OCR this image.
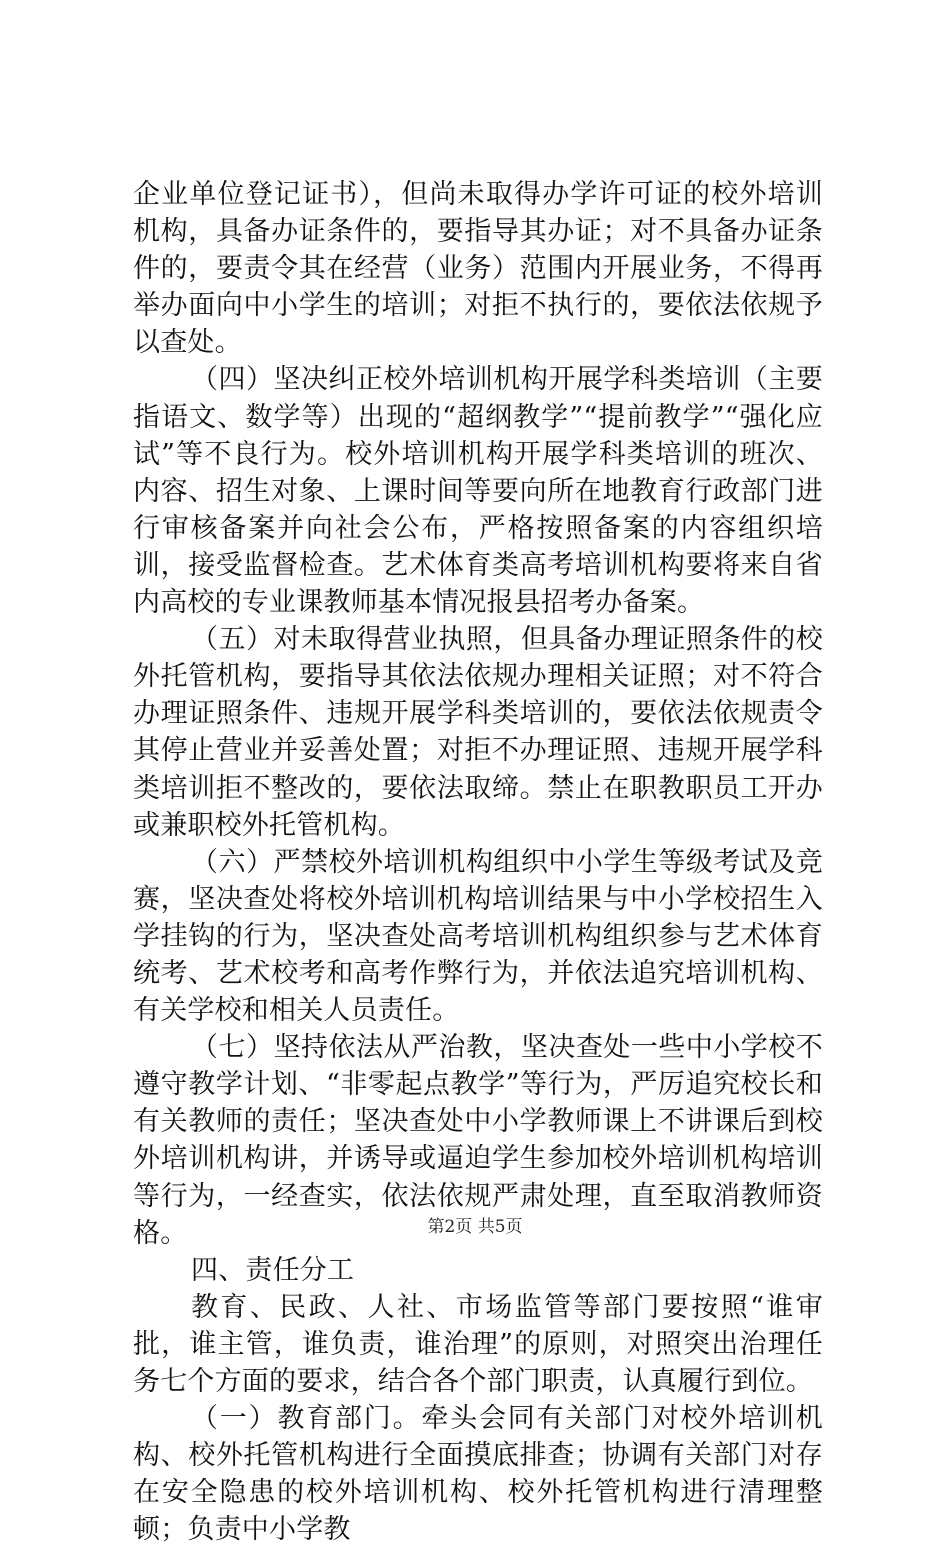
企业单位登记证书），但尚未取得办学许可证的校外培训机构，具备办证条件的，要指导其办证；对不具备办证条件的，要责令其在经营（业务）范围内开展业务，不得再举办面向中小学生的培训；对拒不执行的，要依法依规予以查处。

（四）坚决纠正校外培训机构开展学科类培训（主要指语文、数学等）出现的“超纲教学”“提前教学”“强化应试”等不良行为。校外培训机构开展学科类培训的班次、内容、招生对象、上课时间等要向所在地教育行政部门进行审核备案并向社会公布，严格按照备案的内容组织培训，接受监督检查。艺术体育类高考培训机构要将来自省内高校的专业课教师基本情况报县招考办备案。

（五）对未取得营业执照，但具备办理证照条件的校外托管机构，要指导其依法依规办理相关证照；对不符合办理证照条件、违规开展学科类培训的，要依法依规责令其停止营业并妥善处置；对拒不办理证照、违规开展学科类培训拒不整改的，要依法取缔。禁止在职教职员工开办或兼职校外托管机构。

（六）严禁校外培训机构组织中小学生等级考试及竞赛，坚决查处将校外培训机构培训结果与中小学校招生入学挂钩的行为，坚决查处高考培训机构组织参与艺术体育统考、艺术校考和高考作弊行为，并依法追究培训机构、有关学校和相关人员责任。

（七）坚持依法从严治教，坚决查处一些中小学校不遵守教学计划、“非零起点教学”等行为，严厉追究校长和有关教师的责任；坚决查处中小学教师课上不讲课后到校外培训机构讲，并诱导或逼迫学生参加校外培训机构培训等行为，一经查实，依法依规严肃处理，直至取消教师资格。

四、责任分工

教育、民政、人社、市场监管等部门要按照“谁审批，谁主管，谁负责，谁治理”的原则，对照突出治理任务七个方面的要求，结合各个部门职责，认真履行到位。

（一）教育部门。牵头会同有关部门对校外培训机构、校外托管机构进行全面摸底排查；协调有关部门对存在安全隐患的校外培训机构、校外托管机构进行清理整顿；负责中小学教

第2页 共5页
